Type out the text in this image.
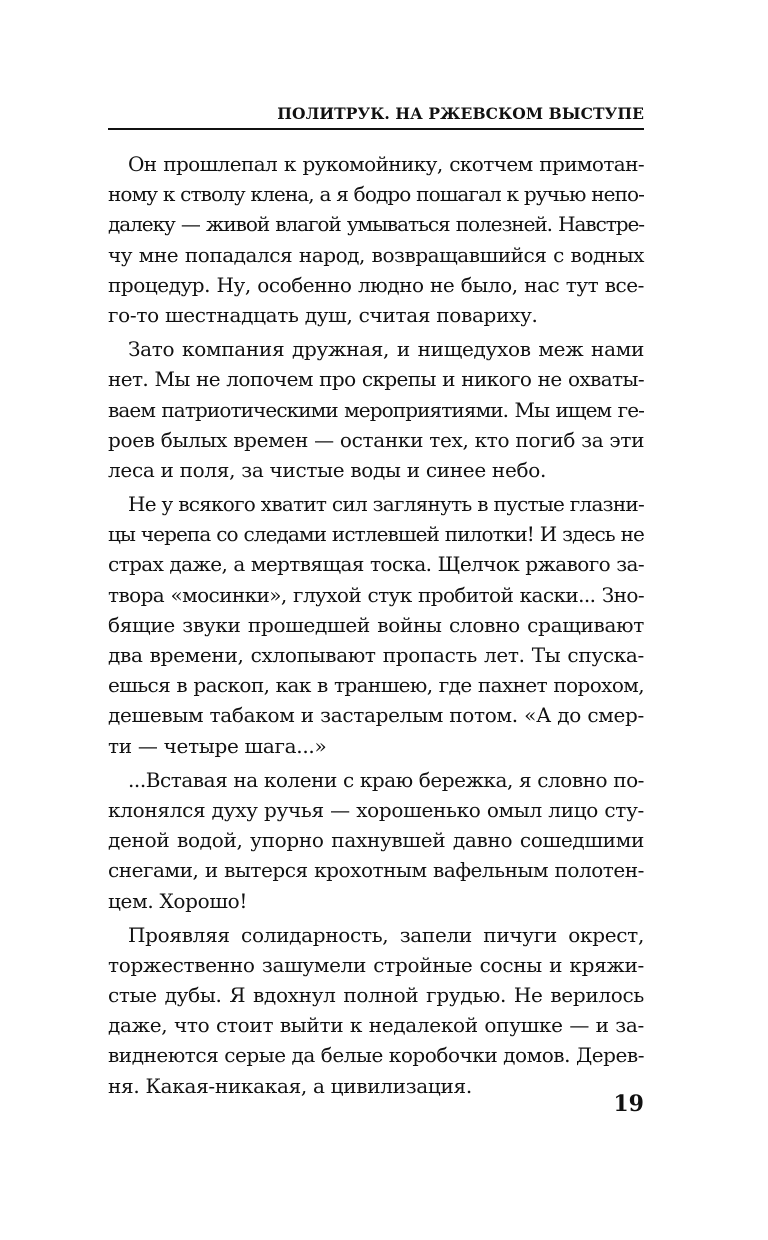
ПОЛИТРУК. НА РЖЕВСКОМ ВЫСТУПЕ
Он прошлепал к рукомойнику, скотчем примотан-
ному к стволу клена, а я бодро пошагал к ручью непо-
далеку — живой влагой умываться полезней. Навстре-
чу мне попадался народ, возвращавшийся с водных
процедур. Ну, особенно людно не было, нас тут все-
го-то шестнадцать душ, считая повариху.
Зато компания дружная, и нищедухов меж нами
нет. Мы не лопочем про скрепы и никого не охваты-
ваем патриотическими мероприятиями. Мы ищем ге-
роев былых времен — останки тех, кто погиб за эти
леса и поля, за чистые воды и синее небо.
Не у всякого хватит сил заглянуть в пустые глазни-
цы черепа со следами истлевшей пилотки! И здесь не
страх даже, а мертвящая тоска. Щелчок ржавого за-
твора «мосинки», глухой стук пробитой каски... Зно-
бящие звуки прошедшей войны словно сращивают
два времени, схлопывают пропасть лет. Ты спуска-
ешься в раскоп, как в траншею, где пахнет порохом,
дешевым табаком и застарелым потом. «А до смер-
ти — четыре шага...»
...Вставая на колени с краю бережка, я словно по-
клонялся духу ручья — хорошенько омыл лицо сту-
деной водой, упорно пахнувшей давно сошедшими
снегами, и вытерся крохотным вафельным полотен-
цем. Хорошо!
Проявляя солидарность, запели пичуги окрест,
торжественно зашумели стройные сосны и кряжи-
стые дубы. Я вдохнул полной грудью. Не верилось
даже, что стоит выйти к недалекой опушке — и за-
виднеются серые да белые коробочки домов. Дерев-
ня. Какая-никакая, а цивилизация.
19
